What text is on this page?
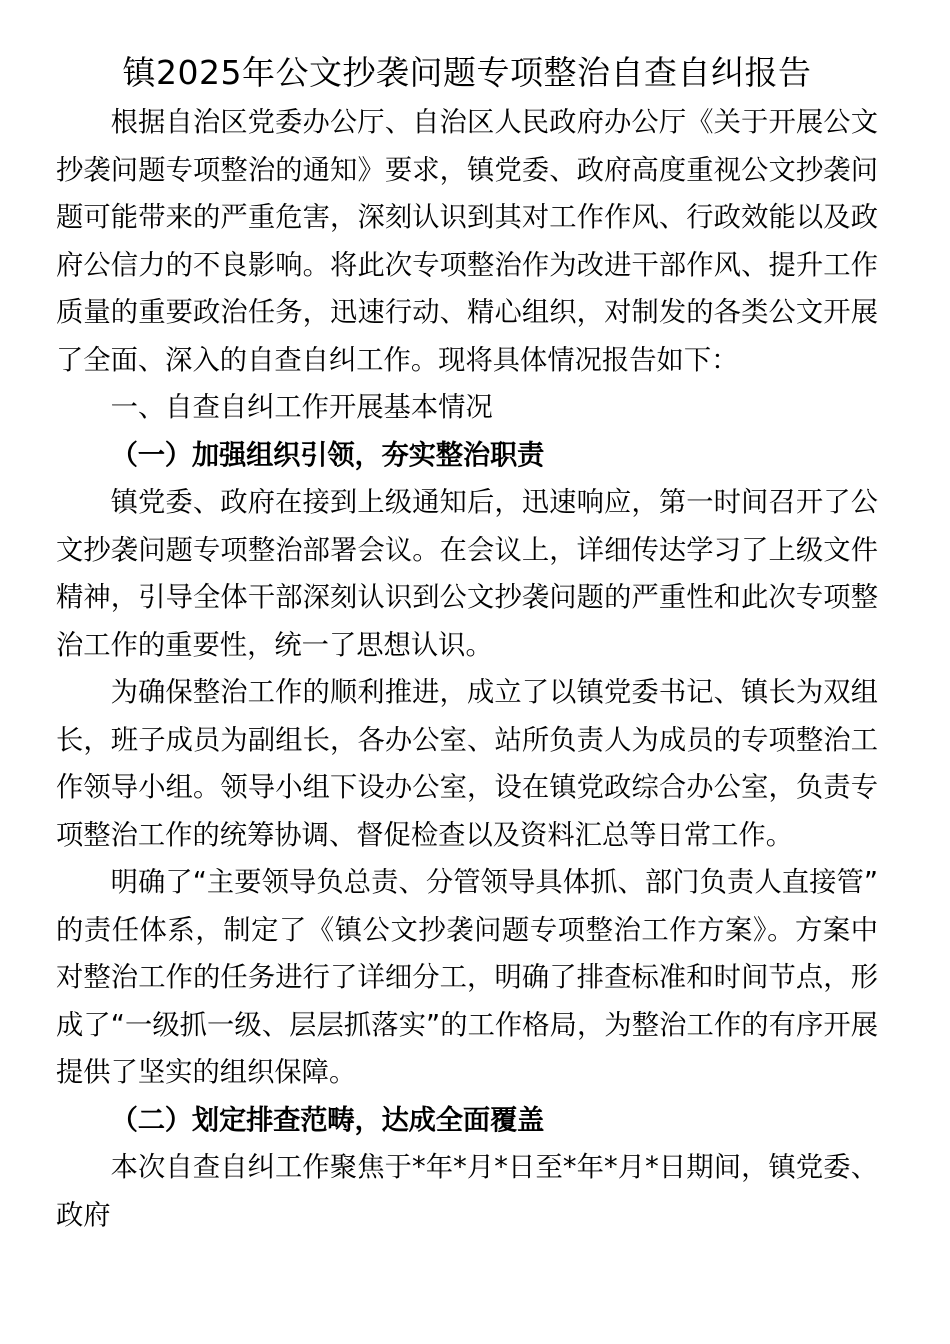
镇2025年公文抄袭问题专项整治自查自纠报告

根据自治区党委办公厅、自治区人民政府办公厅《关于开展公文抄袭问题专项整治的通知》要求，镇党委、政府高度重视公文抄袭问题可能带来的严重危害，深刻认识到其对工作作风、行政效能以及政府公信力的不良影响。将此次专项整治作为改进干部作风、提升工作质量的重要政治任务，迅速行动、精心组织，对制发的各类公文开展了全面、深入的自查自纠工作。现将具体情况报告如下：

一、自查自纠工作开展基本情况

（一）加强组织引领，夯实整治职责

镇党委、政府在接到上级通知后，迅速响应，第一时间召开了公文抄袭问题专项整治部署会议。在会议上，详细传达学习了上级文件精神，引导全体干部深刻认识到公文抄袭问题的严重性和此次专项整治工作的重要性，统一了思想认识。

为确保整治工作的顺利推进，成立了以镇党委书记、镇长为双组长，班子成员为副组长，各办公室、站所负责人为成员的专项整治工作领导小组。领导小组下设办公室，设在镇党政综合办公室，负责专项整治工作的统筹协调、督促检查以及资料汇总等日常工作。

明确了“主要领导负总责、分管领导具体抓、部门负责人直接管”的责任体系，制定了《镇公文抄袭问题专项整治工作方案》。方案中对整治工作的任务进行了详细分工，明确了排查标准和时间节点，形成了“一级抓一级、层层抓落实”的工作格局，为整治工作的有序开展提供了坚实的组织保障。

（二）划定排查范畴，达成全面覆盖

本次自查自纠工作聚焦于*年*月*日至*年*月*日期间，镇党委、政府
